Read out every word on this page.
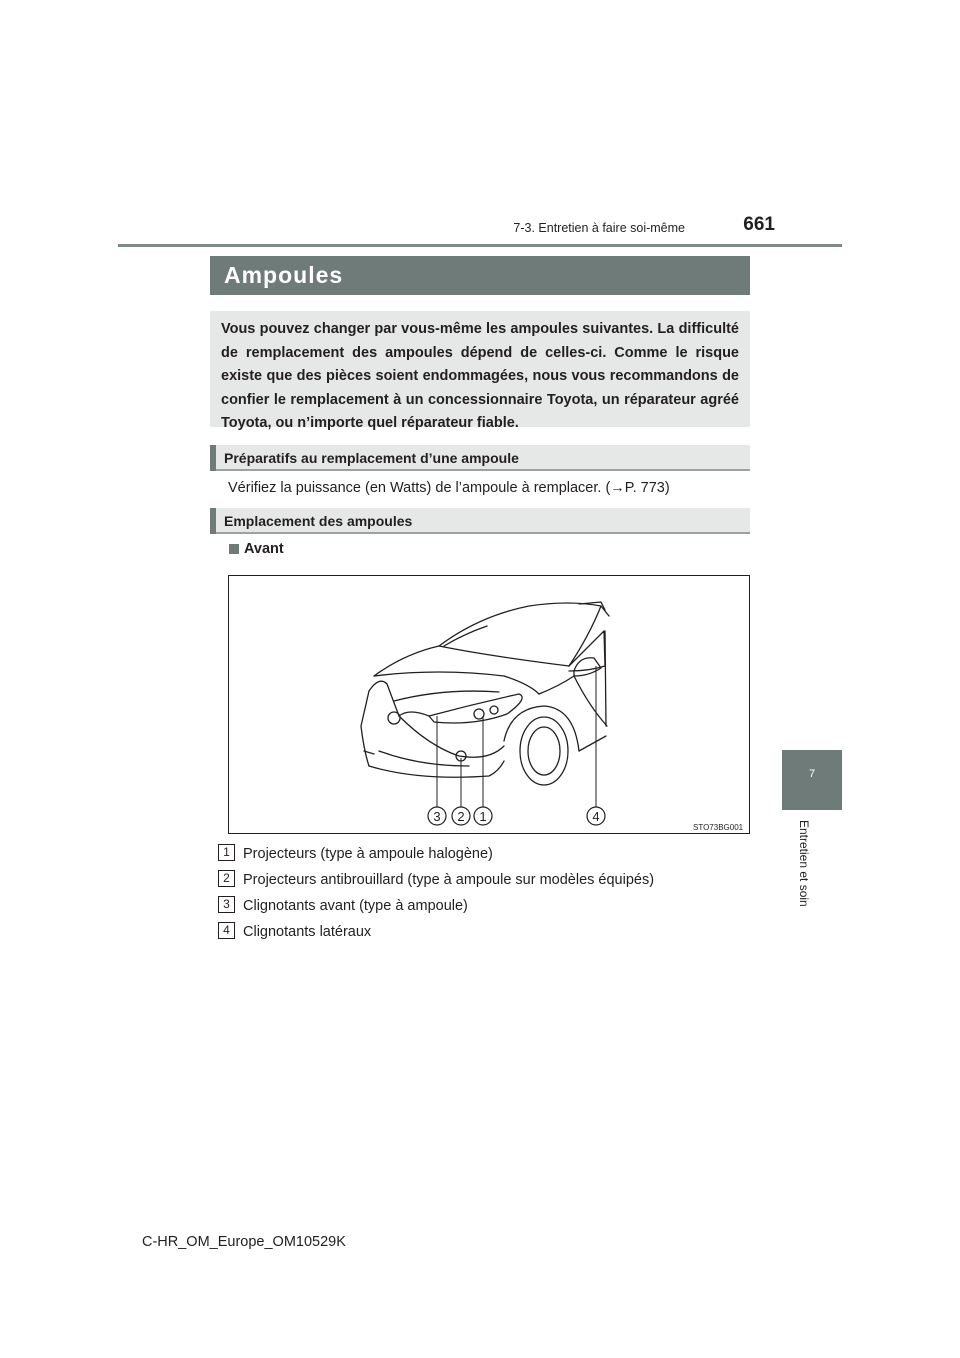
7-3. Entretien à faire soi-même	661
7
Entretien et soin
Ampoules
Vous pouvez changer par vous-même les ampoules suivantes. La difficulté de remplacement des ampoules dépend de celles-ci. Comme le risque existe que des pièces soient endommagées, nous vous recommandons de confier le remplacement à un concessionnaire Toyota, un réparateur agréé Toyota, ou n’importe quel réparateur fiable.
Préparatifs au remplacement d’une ampoule
Vérifiez la puissance (en Watts) de l’ampoule à remplacer. (→P. 773)
Emplacement des ampoules
Avant
3 2 1	4
STO73BG001
1 Projecteurs (type à ampoule halogène)
2 Projecteurs antibrouillard (type à ampoule sur modèles équipés)
3 Clignotants avant (type à ampoule)
4 Clignotants latéraux
C-HR_OM_Europe_OM10529K
